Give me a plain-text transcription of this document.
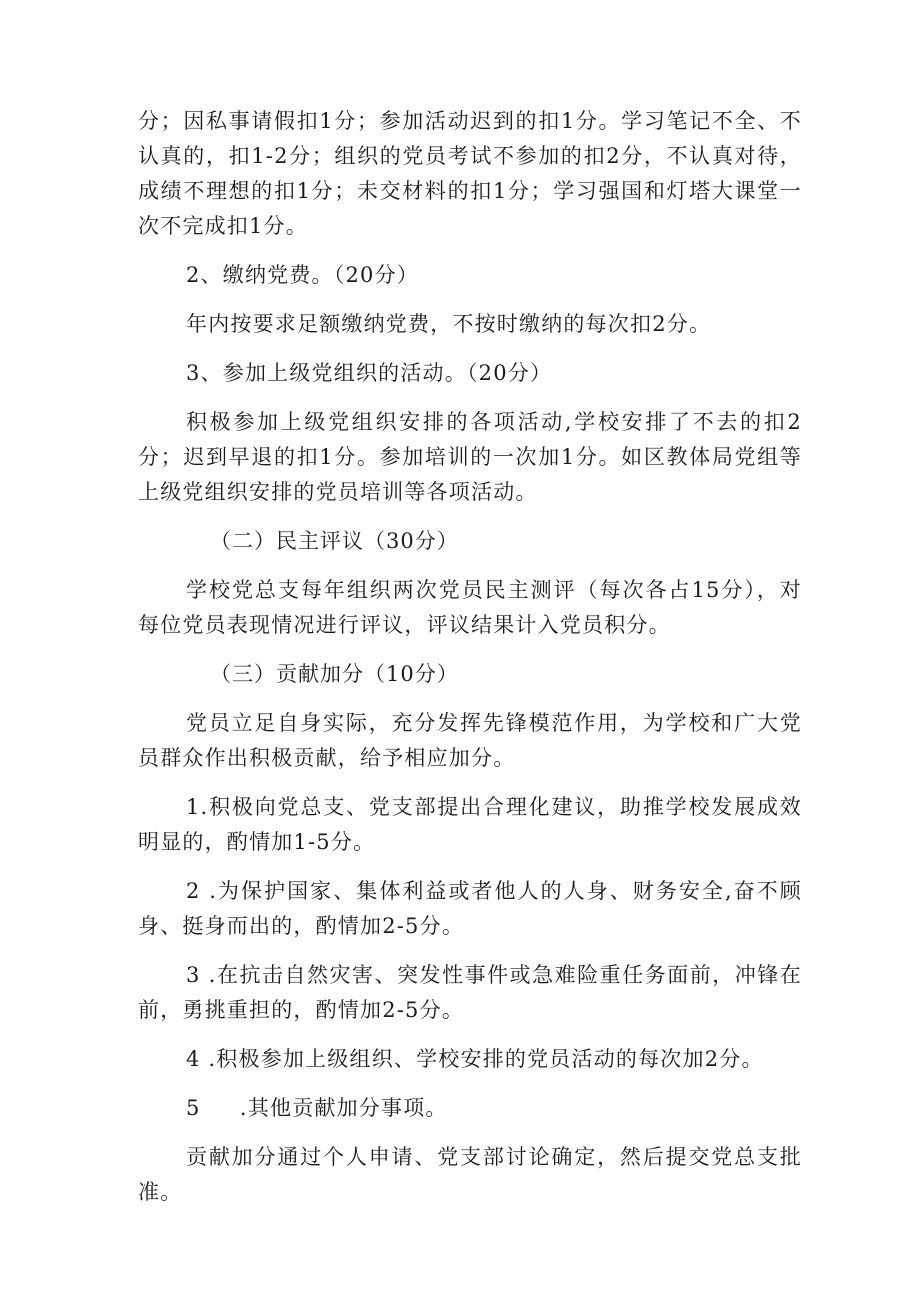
分；因私事请假扣1分；参加活动迟到的扣1分。学习笔记不全、不认真的，扣1-2分；组织的党员考试不参加的扣2分，不认真对待，成绩不理想的扣1分；未交材料的扣1分；学习强国和灯塔大课堂一次不完成扣1分。

2、缴纳党费。（20分）

年内按要求足额缴纳党费，不按时缴纳的每次扣2分。

3、参加上级党组织的活动。（20分）

积极参加上级党组织安排的各项活动,学校安排了不去的扣2分；迟到早退的扣1分。参加培训的一次加1分。如区教体局党组等上级党组织安排的党员培训等各项活动。

（二）民主评议（30分）

学校党总支每年组织两次党员民主测评（每次各占15分），对每位党员表现情况进行评议，评议结果计入党员积分。

（三）贡献加分（10分）

党员立足自身实际，充分发挥先锋模范作用，为学校和广大党员群众作出积极贡献，给予相应加分。

1.积极向党总支、党支部提出合理化建议，助推学校发展成效明显的，酌情加1-5分。

2 .为保护国家、集体利益或者他人的人身、财务安全,奋不顾身、挺身而出的，酌情加2-5分。

3 .在抗击自然灾害、突发性事件或急难险重任务面前，冲锋在前，勇挑重担的，酌情加2-5分。

4 .积极参加上级组织、学校安排的党员活动的每次加2分。

5     .其他贡献加分事项。

贡献加分通过个人申请、党支部讨论确定，然后提交党总支批准。
